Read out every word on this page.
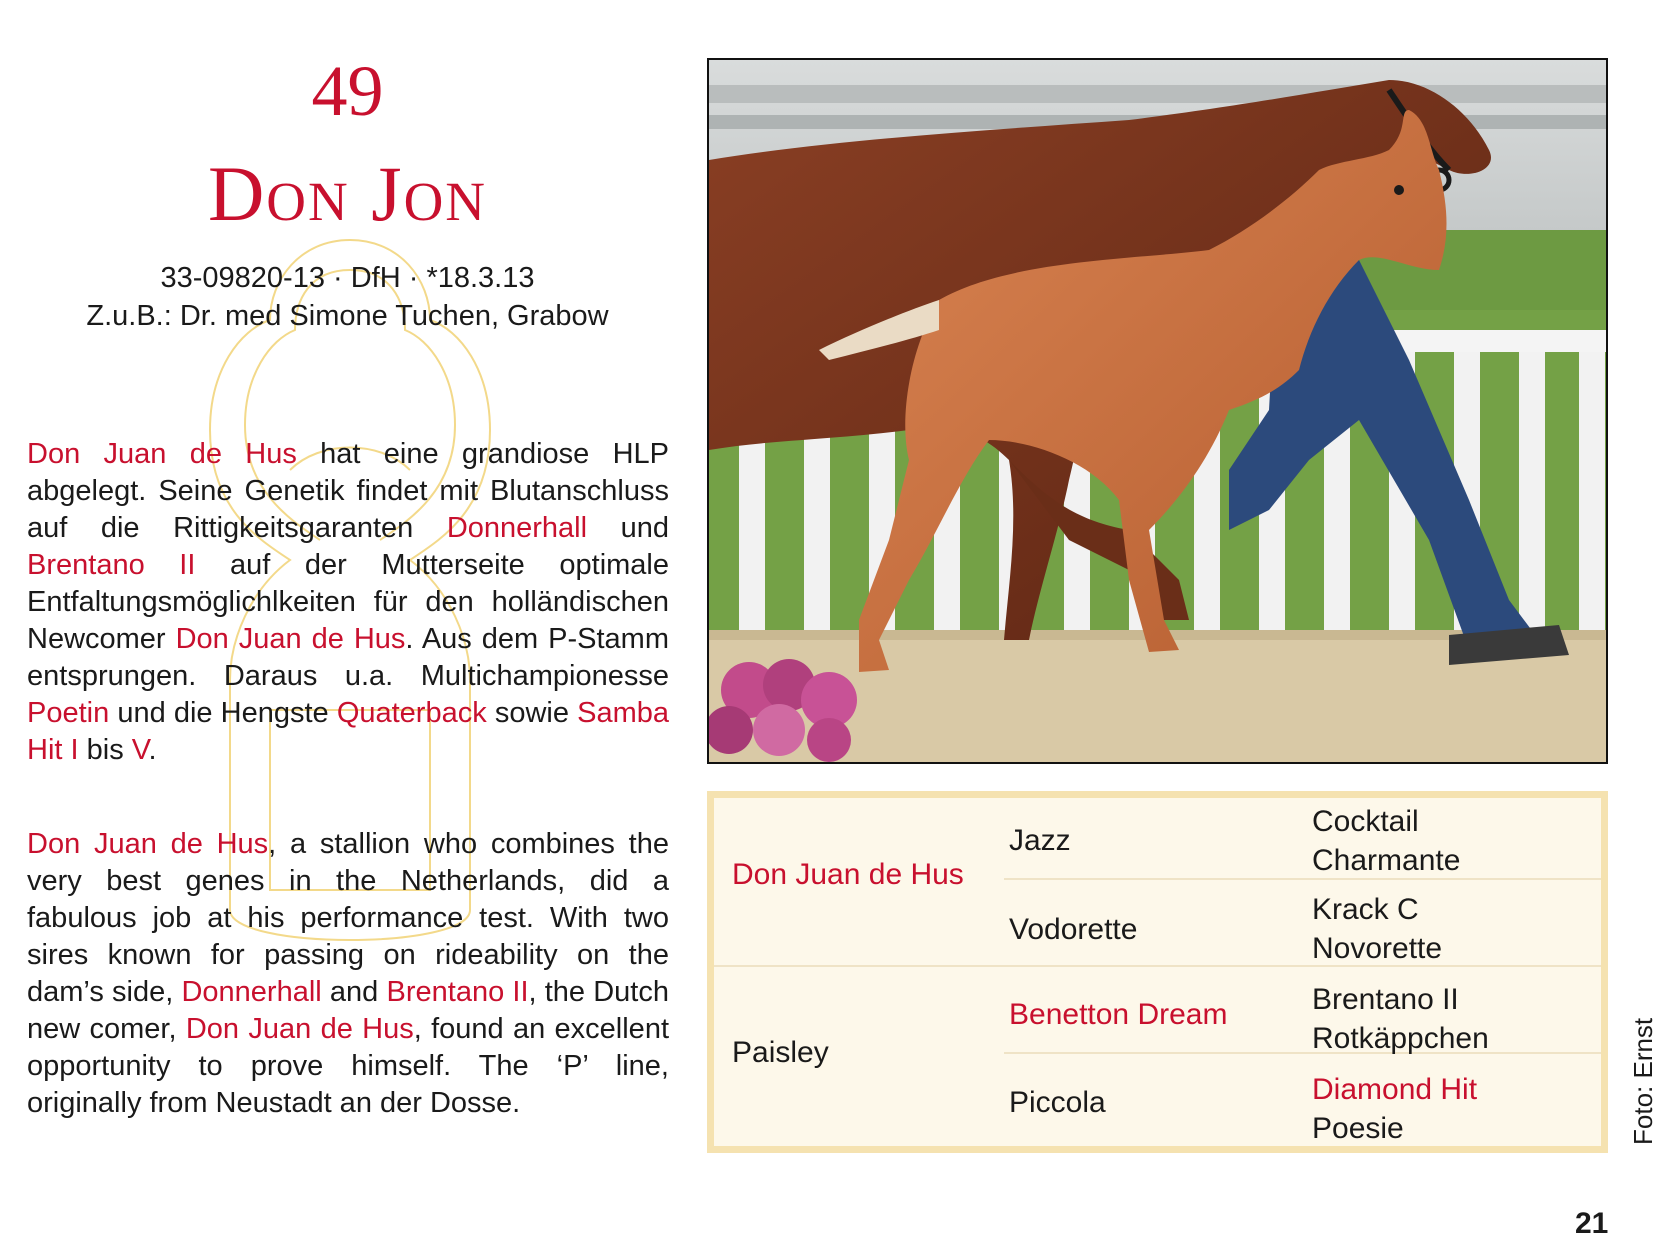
49
Don Jon
33-09820-13 · DfH · *18.3.13
Z.u.B.: Dr. med Simone Tuchen, Grabow
Don Juan de Hus hat eine grandiose HLP abgelegt. Seine Genetik findet mit Blutanschluss auf die Rittigkeitsgaranten Donnerhall und Brentano II auf der Mutterseite optimale Entfaltungsmöglichlkeiten für den holländischen Newcomer Don Juan de Hus. Aus dem P-Stamm entsprungen. Daraus u.a. Multichampionesse Poetin und die Hengste Quaterback sowie Samba Hit I bis V.
Don Juan de Hus, a stallion who combines the very best genes in the Netherlands, did a fabulous job at his performance test. With two sires known for passing on rideability on the dam’s side, Donnerhall and Brentano II, the Dutch new comer, Don Juan de Hus, found an excellent opportunity to prove himself. The ‘P’ line, originally from Neustadt an der Dosse.
Don Juan de Hus
Paisley
Jazz
Vodorette
Benetton Dream
Piccola
Cocktail
Charmante
Krack C
Novorette
Brentano II
Rotkäppchen
Diamond Hit
Poesie	Foto: Ernst
21
